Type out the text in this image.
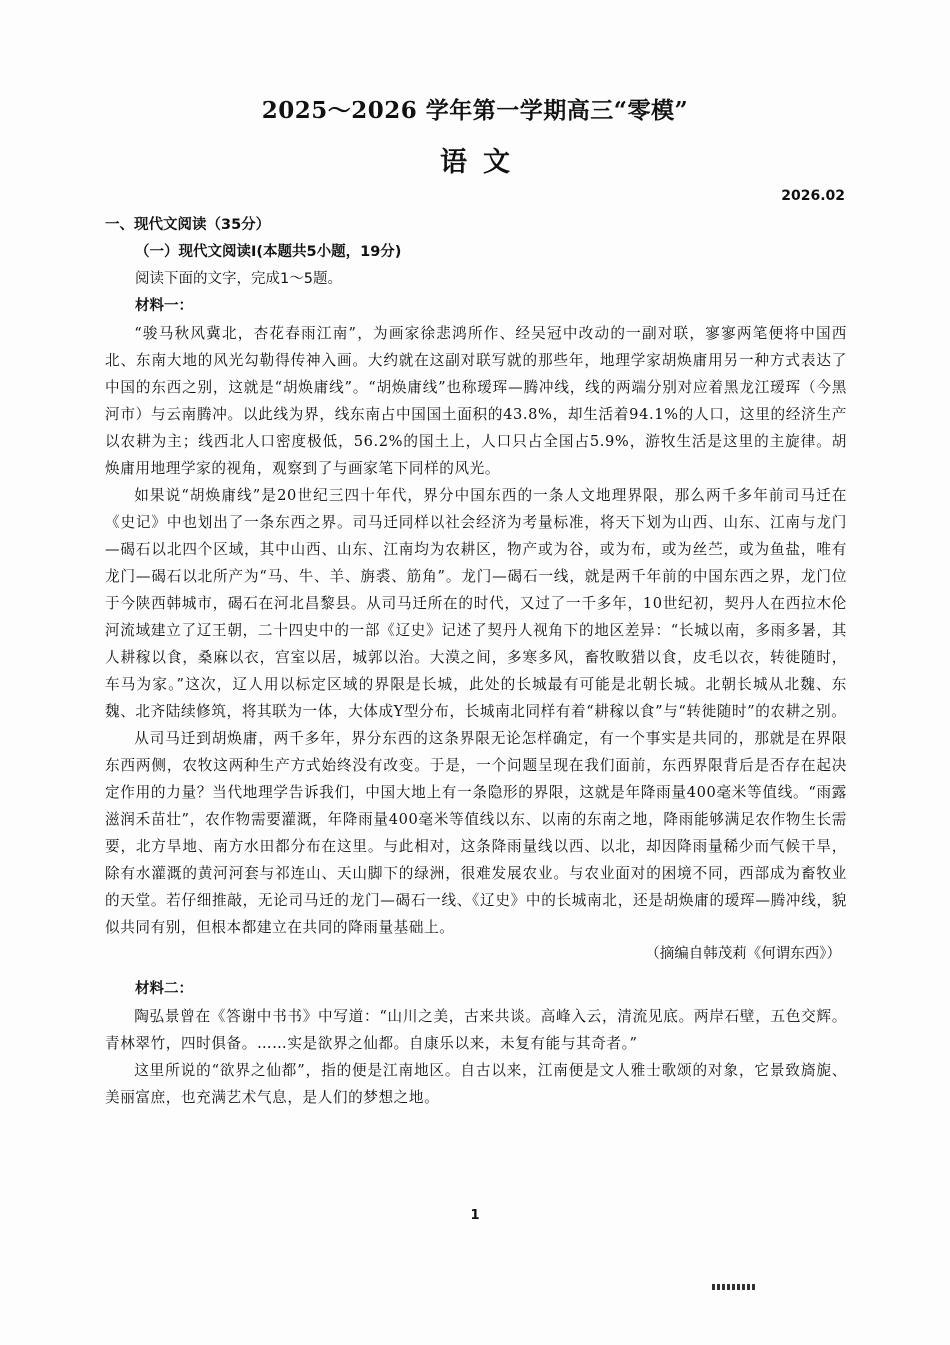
2025～2026 学年第一学期高三“零模”
语文
2026.02
一、现代文阅读（35分）
（一）现代文阅读Ⅰ(本题共5小题，19分)
阅读下面的文字，完成1～5题。
材料一：

“骏马秋风冀北，杏花春雨江南”，为画家徐悲鸿所作、经吴冠中改动的一副对联，寥寥两笔便将中国西北、东南大地的风光勾勒得传神入画。大约就在这副对联写就的那些年，地理学家胡焕庸用另一种方式表达了中国的东西之别，这就是“胡焕庸线”。“胡焕庸线”也称瑷珲—腾冲线，线的两端分别对应着黑龙江瑷珲（今黑河市）与云南腾冲。以此线为界，线东南占中国国土面积的43.8%，却生活着94.1%的人口，这里的经济生产以农耕为主；线西北人口密度极低，56.2%的国土上，人口只占全国占5.9%，游牧生活是这里的主旋律。胡焕庸用地理学家的视角，观察到了与画家笔下同样的风光。

如果说“胡焕庸线”是20世纪三四十年代，界分中国东西的一条人文地理界限，那么两千多年前司马迁在《史记》中也划出了一条东西之界。司马迁同样以社会经济为考量标准，将天下划为山西、山东、江南与龙门—碣石以北四个区域，其中山西、山东、江南均为农耕区，物产或为谷，或为布，或为丝苎，或为鱼盐，唯有龙门—碣石以北所产为“马、牛、羊、旃裘、筋角”。龙门—碣石一线，就是两千年前的中国东西之界，龙门位于今陕西韩城市，碣石在河北昌黎县。从司马迁所在的时代，又过了一千多年，10世纪初，契丹人在西拉木伦河流域建立了辽王朝，二十四史中的一部《辽史》记述了契丹人视角下的地区差异：“长城以南，多雨多暑，其人耕稼以食，桑麻以衣，宫室以居，城郭以治。大漠之间，多寒多风，畜牧畋猎以食，皮毛以衣，转徙随时，车马为家。”这次，辽人用以标定区域的界限是长城，此处的长城最有可能是北朝长城。北朝长城从北魏、东魏、北齐陆续修筑，将其联为一体，大体成Y型分布，长城南北同样有着“耕稼以食”与“转徙随时”的农耕之别。

从司马迁到胡焕庸，两千多年，界分东西的这条界限无论怎样确定，有一个事实是共同的，那就是在界限东西两侧，农牧这两种生产方式始终没有改变。于是，一个问题呈现在我们面前，东西界限背后是否存在起决定作用的力量？当代地理学告诉我们，中国大地上有一条隐形的界限，这就是年降雨量400毫米等值线。“雨露滋润禾苗壮”，农作物需要灌溉，年降雨量400毫米等值线以东、以南的东南之地，降雨能够满足农作物生长需要，北方旱地、南方水田都分布在这里。与此相对，这条降雨量线以西、以北，却因降雨量稀少而气候干旱，除有水灌溉的黄河河套与祁连山、天山脚下的绿洲，很难发展农业。与农业面对的困境不同，西部成为畜牧业的天堂。若仔细推敲，无论司马迁的龙门—碣石一线、《辽史》中的长城南北，还是胡焕庸的瑷珲—腾冲线，貌似共同有别，但根本都建立在共同的降雨量基础上。

（摘编自韩茂莉《何谓东西》）
材料二：

陶弘景曾在《答谢中书书》中写道：“山川之美，古来共谈。高峰入云，清流见底。两岸石壁，五色交辉。青林翠竹，四时俱备。……实是欲界之仙都。自康乐以来，未复有能与其奇者。”

这里所说的“欲界之仙都”，指的便是江南地区。自古以来，江南便是文人雅士歌颂的对象，它景致旖旎、美丽富庶，也充满艺术气息，是人们的梦想之地。

1
